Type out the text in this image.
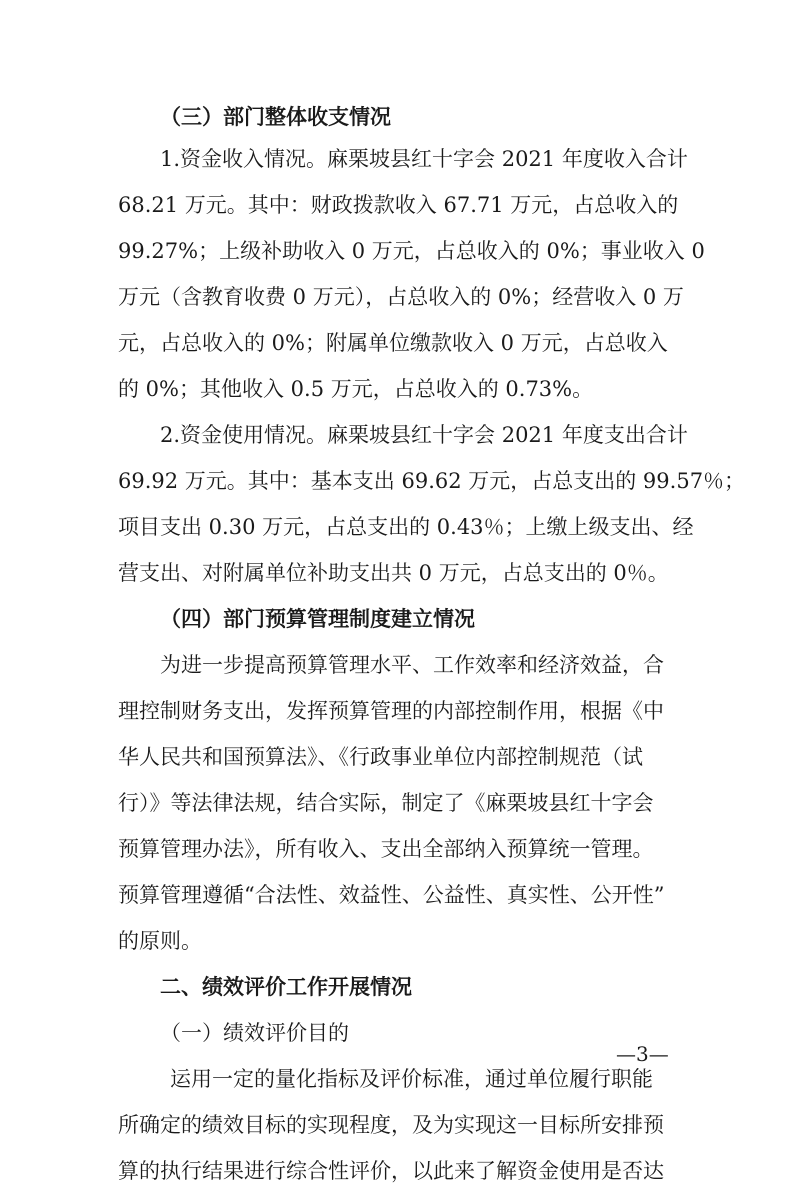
（三）部门整体收支情况
1.资金收入情况。麻栗坡县红十字会 2021 年度收入合计
68.21 万元。其中：财政拨款收入 67.71 万元，占总收入的
99.27%；上级补助收入 0 万元，占总收入的 0%；事业收入 0
万元（含教育收费 0 万元），占总收入的 0%；经营收入 0 万
元，占总收入的 0%；附属单位缴款收入 0 万元，占总收入
的 0%；其他收入 0.5 万元，占总收入的 0.73%。
2.资金使用情况。麻栗坡县红十字会 2021 年度支出合计
69.92 万元。其中：基本支出 69.62 万元，占总支出的 99.57％；
项目支出 0.30 万元，占总支出的 0.43％；上缴上级支出、经
营支出、对附属单位补助支出共 0 万元，占总支出的 0％。
（四）部门预算管理制度建立情况
为进一步提高预算管理水平、工作效率和经济效益，合
理控制财务支出，发挥预算管理的内部控制作用，根据《中
华人民共和国预算法》、《行政事业单位内部控制规范（试
行）》等法律法规，结合实际，制定了《麻栗坡县红十字会
预算管理办法》，所有收入、支出全部纳入预算统一管理。
预算管理遵循“合法性、效益性、公益性、真实性、公开性”
的原则。
二、绩效评价工作开展情况
（一）绩效评价目的
运用一定的量化指标及评价标准，通过单位履行职能
所确定的绩效目标的实现程度，及为实现这一目标所安排预
算的执行结果进行综合性评价，以此来了解资金使用是否达
—3—
